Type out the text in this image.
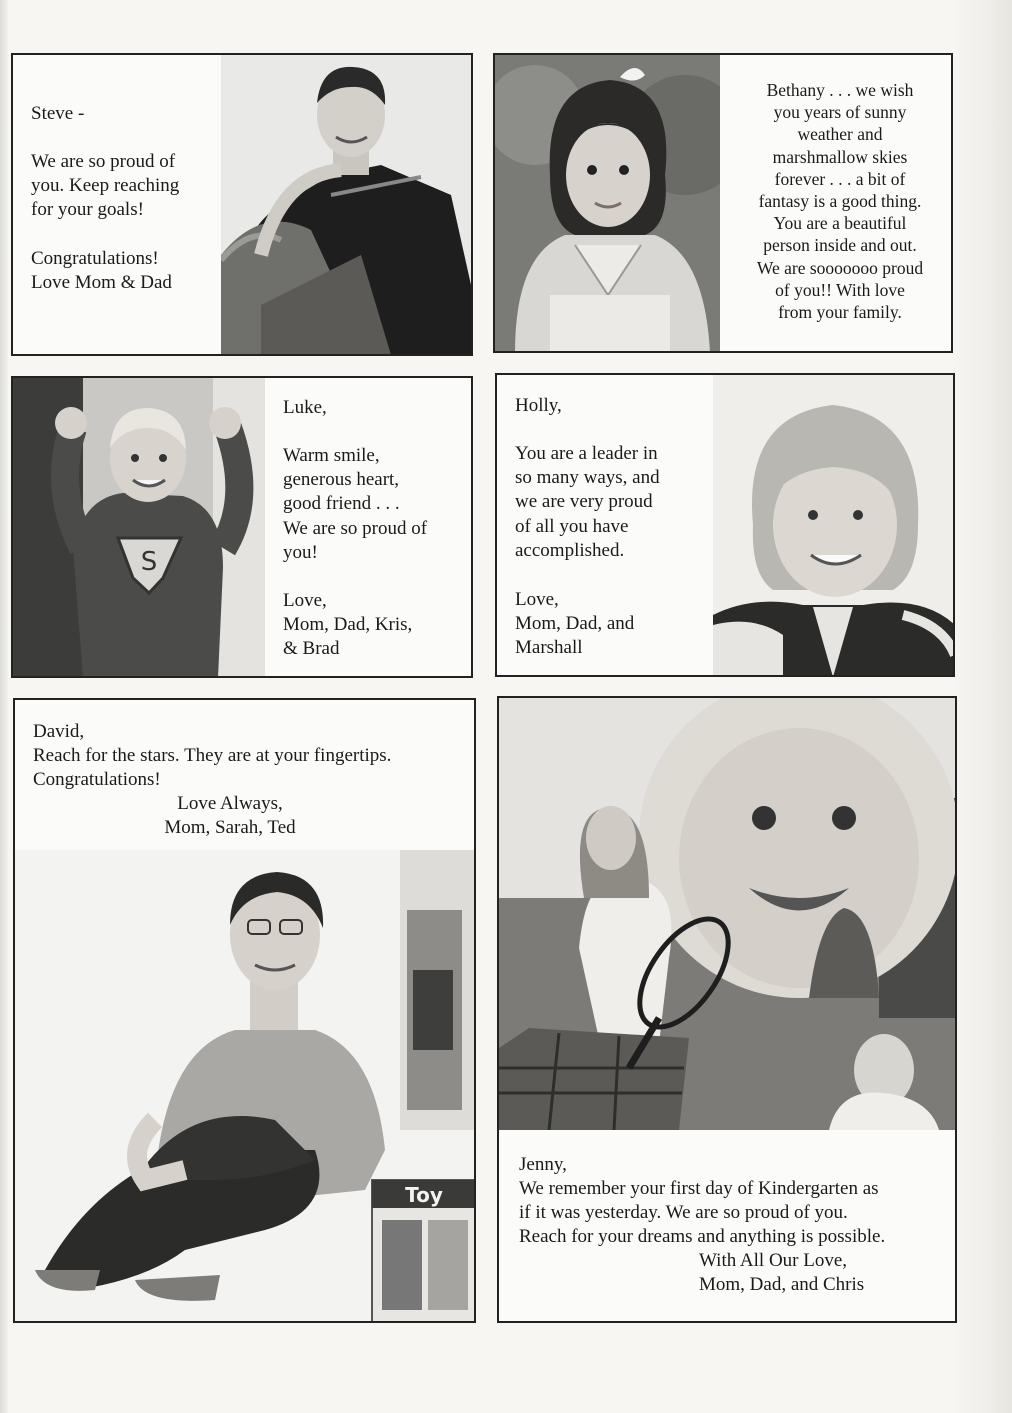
Steve -
We are so proud of
you. Keep reaching
for your goals!
Congratulations!
Love Mom & Dad
Bethany . . . we wish
you years of sunny
weather and
marshmallow skies
forever . . . a bit of
fantasy is a good thing.
You are a beautiful
person inside and out.
We are sooooooo proud
of you!! With love
from your family.
S
Luke,
Warm smile,
generous heart,
good friend . . .
We are so proud of
you!
Love,
Mom, Dad, Kris,
& Brad
Holly,
You are a leader in
so many ways, and
we are very proud
of all you have
accomplished.
Love,
Mom, Dad, and
Marshall
David,
Reach for the stars. They are at your fingertips.
Congratulations!
Love Always,
Mom, Sarah, Ted
Toy
Jenny,
We remember your first day of Kindergarten as
if it was yesterday. We are so proud of you.
Reach for your dreams and anything is possible.
With All Our Love,
Mom, Dad, and Chris
